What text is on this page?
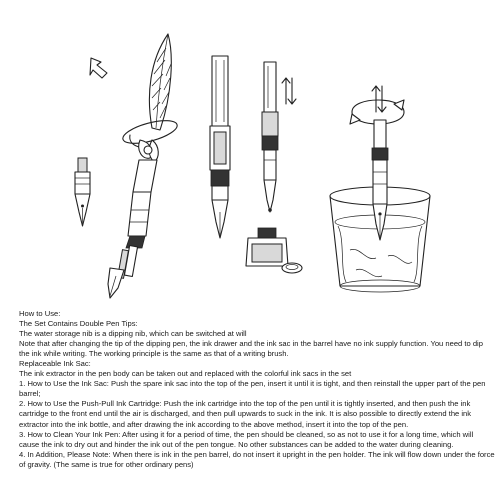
How to Use:
The Set Contains Double Pen Tips:
The water storage nib is a dipping nib, which can be switched at will
Note that after changing the tip of the dipping pen, the ink drawer and the ink sac in the barrel have no ink supply function. You need to dip the ink while writing. The working principle is the same as that of a writing brush.
Replaceable Ink Sac:
The ink extractor in the pen body can be taken out and replaced with the colorful ink sacs in the set
1. How to Use the Ink Sac: Push the spare ink sac into the top of the pen, insert it until it is tight, and then reinstall the upper part of the pen barrel;
2. How to Use the Push-Pull Ink Cartridge: Push the ink cartridge into the top of the pen until it is tightly inserted, and then push the ink cartridge to the front end until the air is discharged, and then pull upwards to suck in the ink. It is also possible to directly extend the ink extractor into the ink bottle, and after drawing the ink according to the above method, insert it into the top of the pen.
3. How to Clean Your Ink Pen: After using it for a period of time, the pen should be cleaned, so as not to use it for a long time, which will cause the ink to dry out and hinder the ink out of the pen tongue. No other substances can be added to the water during cleaning.
4. In Addition, Please Note: When there is ink in the pen barrel, do not insert it upright in the pen holder. The ink will flow down under the force of gravity. (The same is true for other ordinary pens)
